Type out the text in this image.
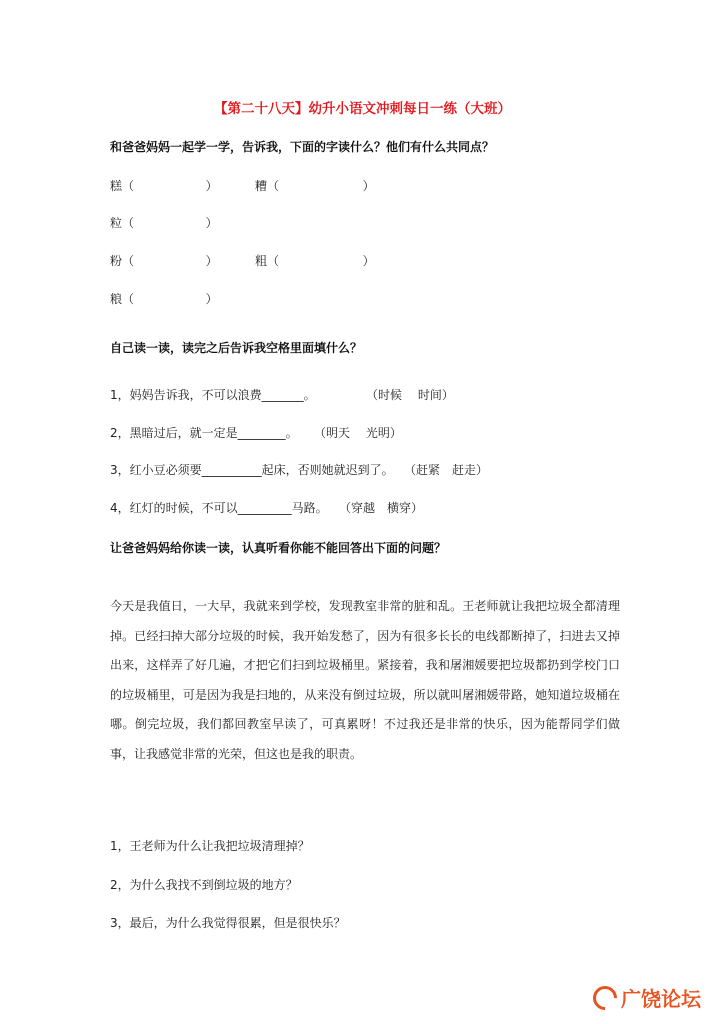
【第二十八天】幼升小语文冲刺每日一练（大班）
和爸爸妈妈一起学一学，告诉我，下面的字读什么？他们有什么共同点？
糕（	）	糟（	）
粒（	）
粉（	）	粗（	）
粮（	）
自己读一读，读完之后告诉我空格里面填什么？
1，妈妈告诉我，不可以浪费_______。	（时候　 时间）
2，黑暗过后，就一定是________。 （明天　 光明）
3，红小豆必须要__________起床，否则她就迟到了。 （赶紧　赶走）
4，红灯的时候，不可以_________马路。 （穿越　横穿）
让爸爸妈妈给你读一读，认真听看你能不能回答出下面的问题？
今天是我值日，一大早，我就来到学校，发现教室非常的脏和乱。王老师就让我把垃圾全都清理掉。已经扫掉大部分垃圾的时候，我开始发愁了，因为有很多长长的电线都断掉了，扫进去又掉出来，这样弄了好几遍，才把它们扫到垃圾桶里。紧接着，我和屠湘媛要把垃圾都扔到学校门口的垃圾桶里，可是因为我是扫地的，从来没有倒过垃圾，所以就叫屠湘媛带路，她知道垃圾桶在哪。倒完垃圾，我们都回教室早读了，可真累呀！不过我还是非常的快乐，因为能帮同学们做事，让我感觉非常的光荣，但这也是我的职责。
1，王老师为什么让我把垃圾清理掉？
2，为什么我找不到倒垃圾的地方？
3，最后，为什么我觉得很累，但是很快乐？
广饶论坛
